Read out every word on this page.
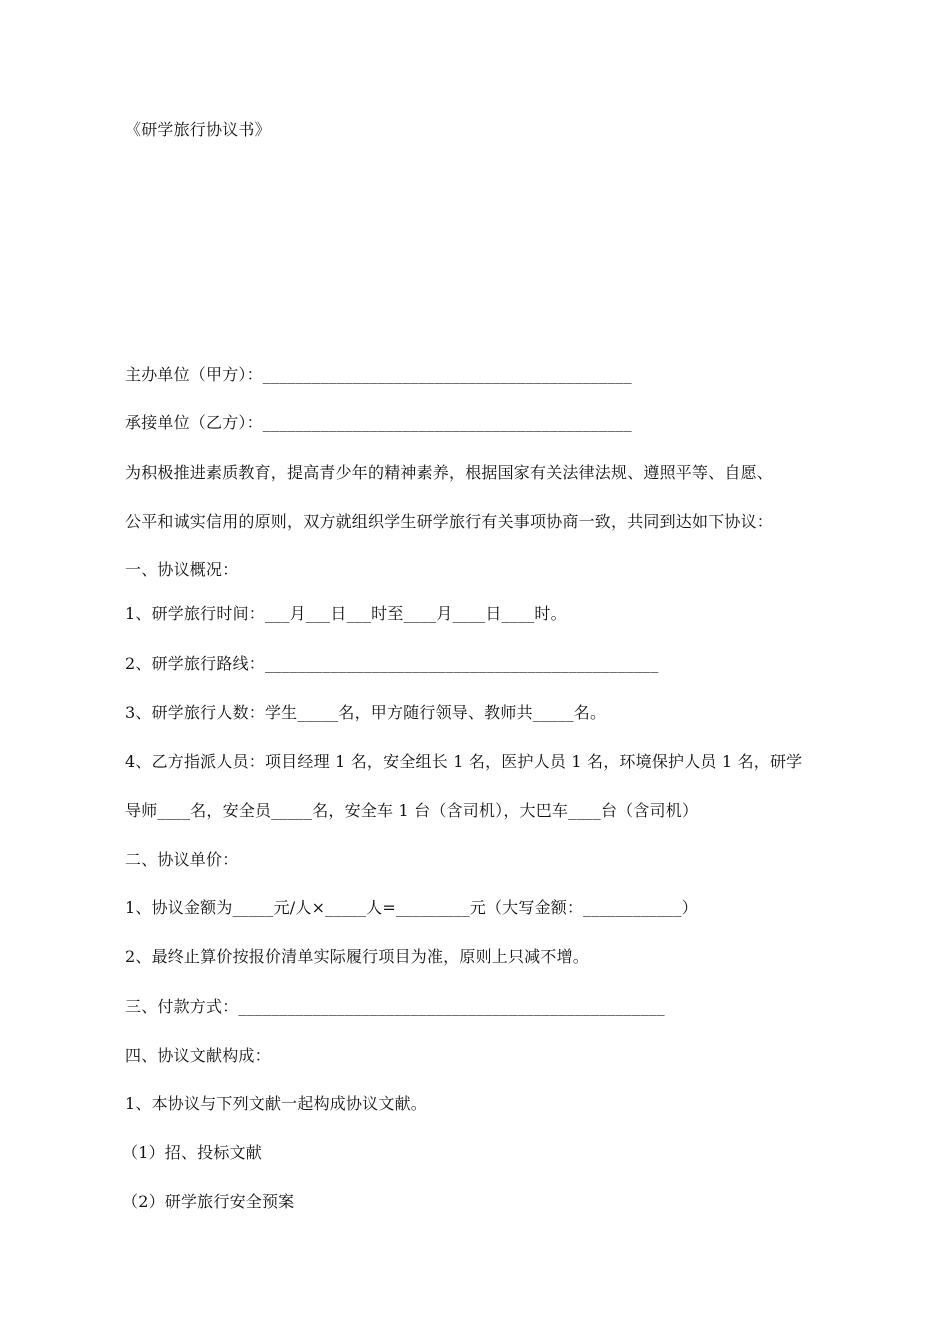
《研学旅行协议书》
主办单位（甲方）：_____________________________________________
承接单位（乙方）：_____________________________________________
为积极推进素质教育，提高青少年的精神素养，根据国家有关法律法规、遵照平等、自愿、
公平和诚实信用的原则，双方就组织学生研学旅行有关事项协商一致，共同到达如下协议：
一、协议概况：
1、研学旅行时间：___月___日___时至____月____日____时。
2、研学旅行路线：________________________________________________
3、研学旅行人数：学生_____名，甲方随行领导、教师共_____名。
4、乙方指派人员：项目经理 1 名，安全组长 1 名，医护人员 1 名，环境保护人员 1 名，研学
导师____名，安全员_____名，安全车 1 台（含司机），大巴车____台（含司机）
二、协议单价：
1、协议金额为_____元/人×_____人=_________元（大写金额：____________）
2、最终止算价按报价清单实际履行项目为准，原则上只减不增。
三、付款方式：____________________________________________________
四、协议文献构成：
1、本协议与下列文献一起构成协议文献。
（1）招、投标文献
（2）研学旅行安全预案
